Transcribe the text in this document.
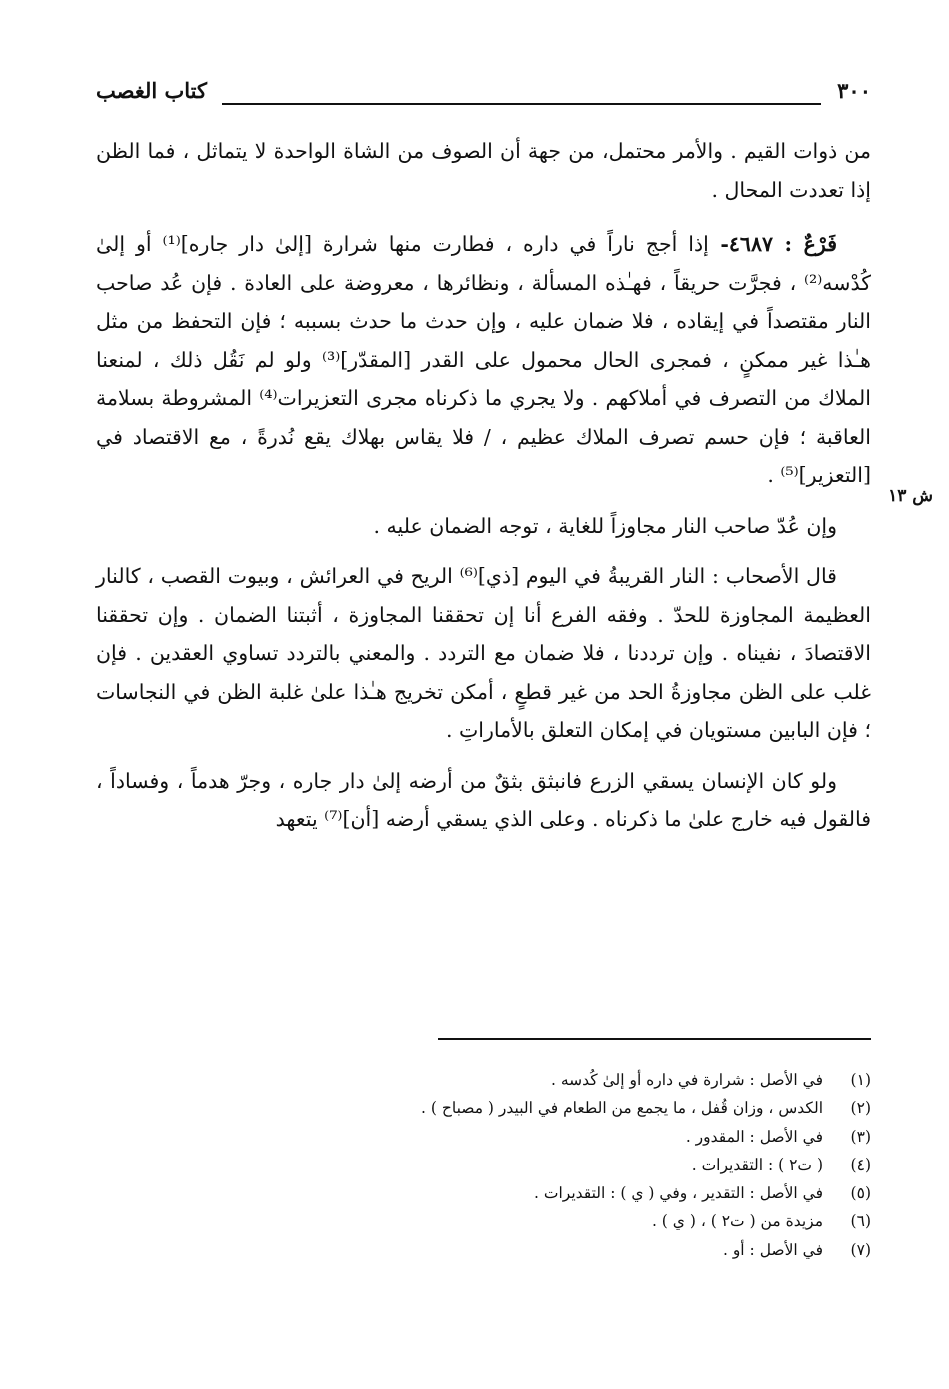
٣٠٠
كتاب الغصب
ش ١٣

من ذوات القيم . والأمر محتمل، من جهة أن الصوف من الشاة الواحدة لا يتماثل ، فما الظن إذا تعددت المحال .

فَرْعٌ : ٤٦٨٧- إذا أجج ناراً في داره ، فطارت منها شرارة [إلىٰ دار جاره]⁽¹⁾ أو إلىٰ كُدْسه⁽²⁾ ، فجرَّت حريقاً ، فهـٰذه المسألة ، ونظائرها ، معروضة على العادة . فإن عُد صاحب النار مقتصداً في إيقاده ، فلا ضمان عليه ، وإن حدث ما حدث بسببه ؛ فإن التحفظ من مثل هـٰذا غير ممكنٍ ، فمجرى الحال محمول على القدر [المقدّر]⁽³⁾ ولو لم نَقُل ذلك ، لمنعنا الملاك من التصرف في أملاكهم . ولا يجري ما ذكرناه مجرى التعزيرات⁽⁴⁾ المشروطة بسلامة العاقبة ؛ فإن حسم تصرف الملاك عظيم ، / فلا يقاس بهلاك يقع نُدرةً ، مع الاقتصاد في [التعزير]⁽⁵⁾ .

وإن عُدّ صاحب النار مجاوزاً للغاية ، توجه الضمان عليه .

قال الأصحاب : النار القريبةُ في اليوم [ذي]⁽⁶⁾ الريح في العرائش ، وبيوت القصب ، كالنار العظيمة المجاوزة للحدّ . وفقه الفرع أنا إن تحققنا المجاوزة ، أثبتنا الضمان . وإن تحققنا الاقتصادَ ، نفيناه . وإن ترددنا ، فلا ضمان مع التردد . والمعني بالتردد تساوي العقدين . فإن غلب على الظن مجاوزةُ الحد من غير قطعٍ ، أمكن تخريج هـٰذا علىٰ غلبة الظن في النجاسات ؛ فإن البابين مستويان في إمكان التعلق بالأماراتِ .

ولو كان الإنسان يسقي الزرع فانبثق بثقٌ من أرضه إلىٰ دار جاره ، وجرّ هدماً ، وفساداً ، فالقول فيه خارج علىٰ ما ذكرناه . وعلى الذي يسقي أرضه [أن]⁽⁷⁾ يتعهد

(١)في الأصل : شرارة في داره أو إلىٰ كُدسه .
(٢)الكدس ، وزان قُفل ، ما يجمع من الطعام في البيدر ( مصباح ) .
(٣)في الأصل : المقدور .
(٤)( ت٢ ) : التقديرات .
(٥)في الأصل : التقدير ، وفي ( ي ) : التقديرات .
(٦)مزيدة من ( ت٢ ) ، ( ي ) .
(٧)في الأصل : أو .
